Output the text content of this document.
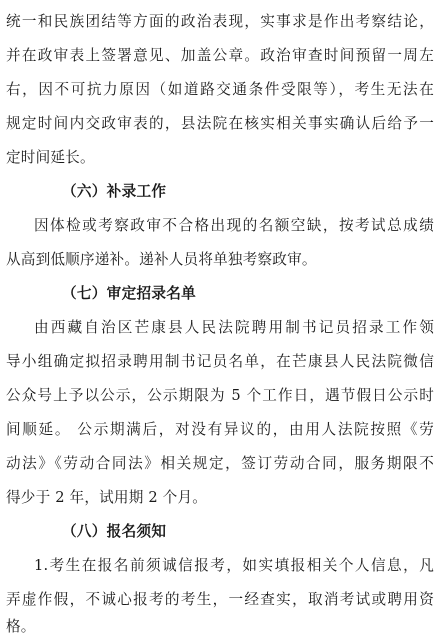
统一和民族团结等方面的政治表现，实事求是作出考察结论，
并在政审表上签署意见、加盖公章。政治审查时间预留一周左
右，因不可抗力原因（如道路交通条件受限等），考生无法在
规定时间内交政审表的，县法院在核实相关事实确认后给予一
定时间延长。
（六）补录工作
因体检或考察政审不合格出现的名额空缺，按考试总成绩
从高到低顺序递补。递补人员将单独考察政审。
（七）审定招录名单
由西藏自治区芒康县人民法院聘用制书记员招录工作领
导小组确定拟招录聘用制书记员名单，在芒康县人民法院微信
公众号上予以公示，公示期限为 5 个工作日，遇节假日公示时
间顺延。 公示期满后，对没有异议的，由用人法院按照《劳
动法》《劳动合同法》相关规定，签订劳动合同，服务期限不
得少于 2 年，试用期 2 个月。
（八）报名须知
1.考生在报名前须诚信报考，如实填报相关个人信息，凡
弄虚作假，不诚心报考的考生，一经查实，取消考试或聘用资
格。
